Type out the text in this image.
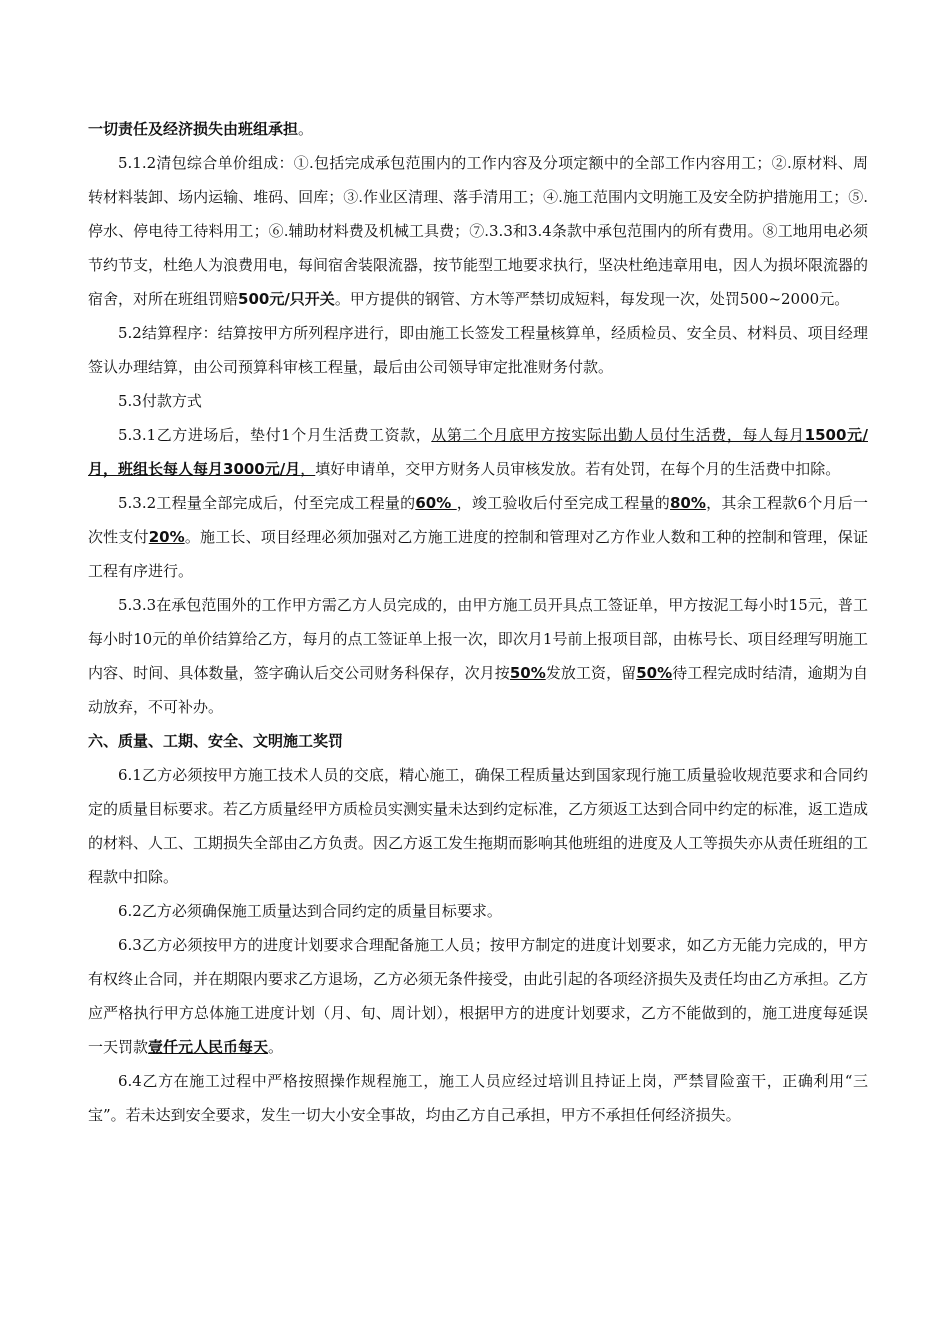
一切责任及经济损失由班组承担。

5.1.2清包综合单价组成：①.包括完成承包范围内的工作内容及分项定额中的全部工作内容用工；②.原材料、周转材料装卸、场内运输、堆码、回库；③.作业区清理、落手清用工；④.施工范围内文明施工及安全防护措施用工；⑤.停水、停电待工待料用工；⑥.辅助材料费及机械工具费；⑦.3.3和3.4条款中承包范围内的所有费用。⑧工地用电必须节约节支，杜绝人为浪费用电，每间宿舍装限流器，按节能型工地要求执行，坚决杜绝违章用电，因人为损坏限流器的宿舍，对所在班组罚赔500元/只开关。甲方提供的钢管、方木等严禁切成短料，每发现一次，处罚500~2000元。

5.2结算程序：结算按甲方所列程序进行，即由施工长签发工程量核算单，经质检员、安全员、材料员、项目经理签认办理结算，由公司预算科审核工程量，最后由公司领导审定批准财务付款。

5.3付款方式

5.3.1乙方进场后，垫付1个月生活费工资款，从第二个月底甲方按实际出勤人员付生活费，每人每月1500元/月，班组长每人每月3000元/月，填好申请单，交甲方财务人员审核发放。若有处罚，在每个月的生活费中扣除。

5.3.2工程量全部完成后，付至完成工程量的60% ，竣工验收后付至完成工程量的80%，其余工程款6个月后一次性支付20%。施工长、项目经理必须加强对乙方施工进度的控制和管理对乙方作业人数和工种的控制和管理，保证工程有序进行。

5.3.3在承包范围外的工作甲方需乙方人员完成的，由甲方施工员开具点工签证单，甲方按泥工每小时15元，普工每小时10元的单价结算给乙方，每月的点工签证单上报一次，即次月1号前上报项目部，由栋号长、项目经理写明施工内容、时间、具体数量，签字确认后交公司财务科保存，次月按50%发放工资，留50%待工程完成时结清，逾期为自动放弃，不可补办。

六、质量、工期、安全、文明施工奖罚

6.1乙方必须按甲方施工技术人员的交底，精心施工，确保工程质量达到国家现行施工质量验收规范要求和合同约定的质量目标要求。若乙方质量经甲方质检员实测实量未达到约定标准，乙方须返工达到合同中约定的标准，返工造成的材料、人工、工期损失全部由乙方负责。因乙方返工发生拖期而影响其他班组的进度及人工等损失亦从责任班组的工程款中扣除。

6.2乙方必须确保施工质量达到合同约定的质量目标要求。

6.3乙方必须按甲方的进度计划要求合理配备施工人员；按甲方制定的进度计划要求，如乙方无能力完成的，甲方有权终止合同，并在期限内要求乙方退场，乙方必须无条件接受，由此引起的各项经济损失及责任均由乙方承担。乙方应严格执行甲方总体施工进度计划（月、旬、周计划），根据甲方的进度计划要求，乙方不能做到的，施工进度每延误一天罚款壹仟元人民币每天。

6.4乙方在施工过程中严格按照操作规程施工，施工人员应经过培训且持证上岗，严禁冒险蛮干，正确利用“三宝”。若未达到安全要求，发生一切大小安全事故，均由乙方自己承担，甲方不承担任何经济损失。
